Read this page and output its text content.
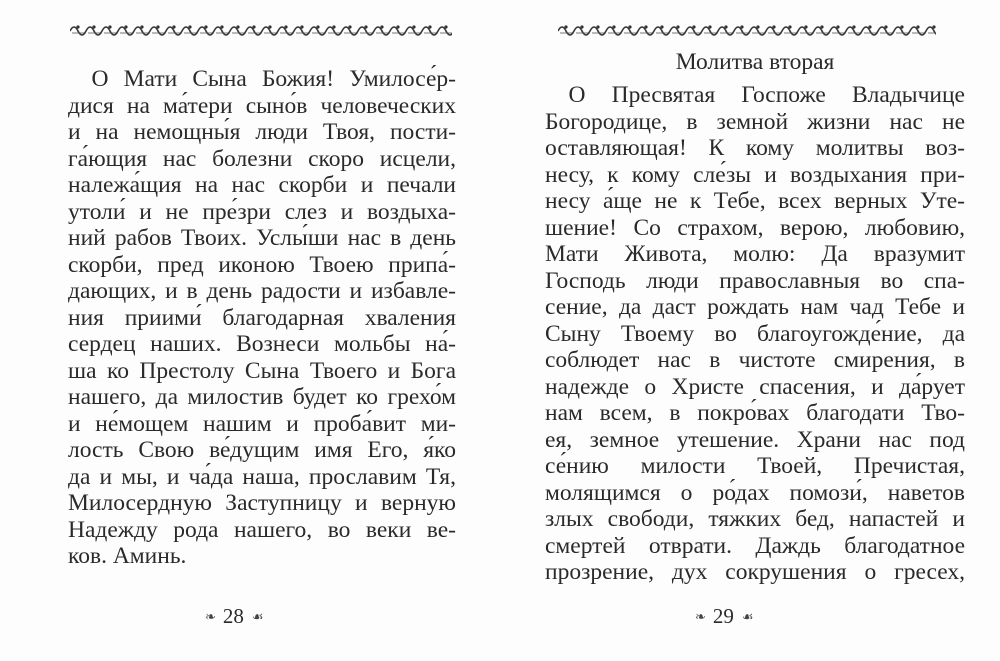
 О Мати Сына Божия! Умилосе́р-
дися на ма́тери сыно́в человеческих
и на немощны́я люди Твоя, пости-
га́ющия нас болезни скоро исцели,
належа́щия на нас скорби и печали
утоли́ и не пре́зри слез и воздыха-
ний рабов Твоих. Услы́ши нас в день
скорби, пред иконою Твоею припа́-
дающих, и в день радости и избавле-
ния приими́ благодарная хваления
сердец наших. Вознеси мольбы на́-
ша ко Престолу Сына Твоего и Бога
нашего, да милостив будет ко грехо́м
и не́мощем нашим и проба́вит ми-
лость Свою ве́дущим имя Его, я́ко
да и мы, и ча́да наша, прославим Тя,
Милосердную Заступницу и верную
Надежду рода нашего, во веки ве-
ков. Аминь.
❧ 28 ☙
Молитва вторая
 О Пресвятая Госпоже Владычице
Богородице, в земной жизни нас не
оставляющая! К кому молитвы воз-
несу, к кому сле́зы и воздыхания при-
несу а́ще не к Тебе, всех верных Уте-
шение! Со страхом, верою, любовию,
Мати Живота, молю: Да вразумит
Господь люди православныя во спа-
сение, да даст рождать нам чад Тебе и
Сыну Твоему во благоугожде́ние, да
соблюдет нас в чистоте смирения, в
надежде о Христе спасения, и да́рует
нам всем, в покро́вах благодати Тво-
ея, земное утешение. Храни нас под
се́нию милости Твоей, Пречистая,
молящимся о ро́дах помози́, наветов
злых свободи, тяжких бед, напастей и
смертей отврати. Даждь благодатное
прозрение, дух сокрушения о гресех,
❧ 29 ☙
